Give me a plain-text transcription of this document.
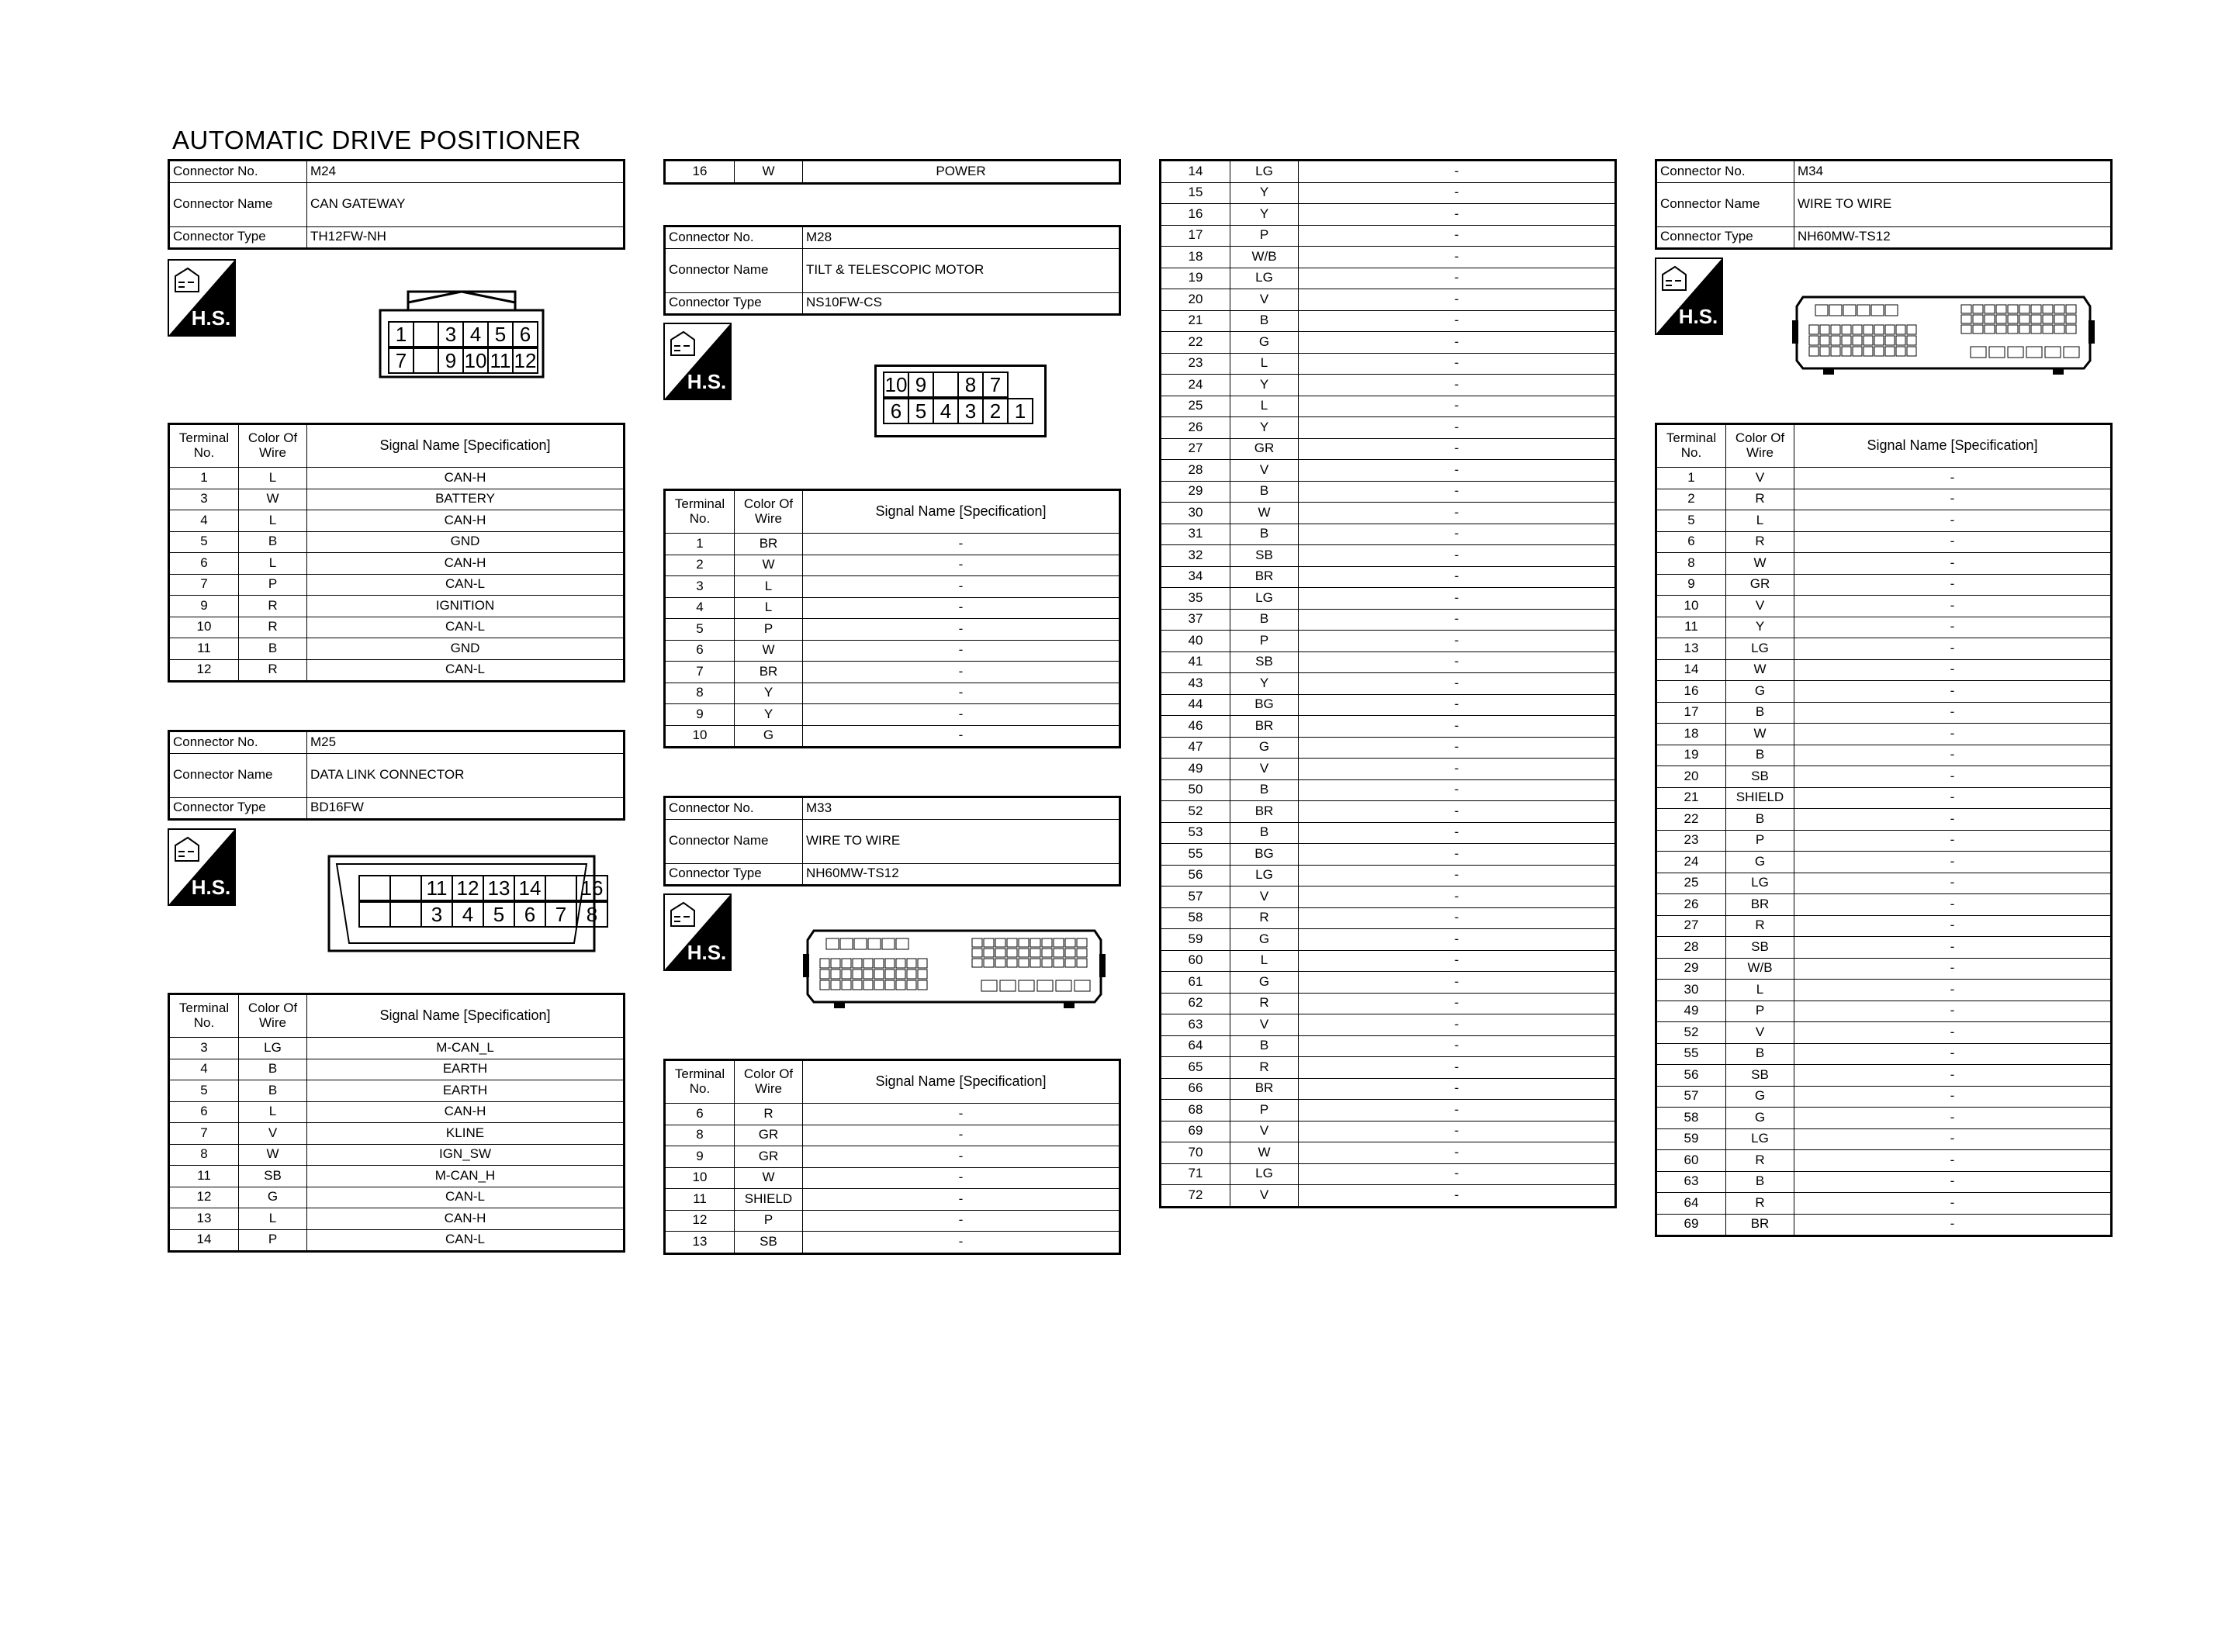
AUTOMATIC DRIVE POSITIONER
Connector No.	M24
Connector Name	CAN GATEWAY
Connector Type	TH12FW-NH
H.S.
1 3 4 5 6
7 9 10 11 12
Terminal No.	Color Of Wire	Signal Name [Specification]

1	L	CAN-H
3	W	BATTERY
4	L	CAN-H
5	B	GND
6	L	CAN-H
7	P	CAN-L
9	R	IGNITION
10	R	CAN-L
11	B	GND
12	R	CAN-L
Connector No.	M25
Connector Name	DATA LINK CONNECTOR
Connector Type	BD16FW
H.S.	11 12 13 14 16
3 4 5 6 7 8
Terminal No.	Color Of Wire	Signal Name [Specification]

3	LG	M-CAN_L
4	B	EARTH
5	B	EARTH
6	L	CAN-H
7	V	KLINE
8	W	IGN_SW
11	SB	M-CAN_H
12	G	CAN-L
13	L	CAN-H
14	P	CAN-L
16	W	POWER
Connector No.	M28
Connector Name	TILT & TELESCOPIC MOTOR
Connector Type	NS10FW-CS
H.S.	10 9 8 7
6 5 4 3 2 1
Terminal No.	Color Of Wire	Signal Name [Specification]

1	BR	-
2	W	-
3	L	-
4	L	-
5	P	-
6	W	-
7	BR	-
8	Y	-
9	Y	-
10	G	-
Connector No.	M33
Connector Name	WIRE TO WIRE
Connector Type	NH60MW-TS12
H.S.
Terminal No.	Color Of Wire	Signal Name [Specification]

6	R	-
8	GR	-
9	GR	-
10	W	-
11	SHIELD	-
12	P	-
13	SB	-
14	LG	-
15	Y	-
16	Y	-
17	P	-
18	W/B	-
19	LG	-
20	V	-
21	B	-
22	G	-
23	L	-
24	Y	-
25	L	-
26	Y	-
27	GR	-
28	V	-
29	B	-
30	W	-
31	B	-
32	SB	-
34	BR	-
35	LG	-
37	B	-
40	P	-
41	SB	-
43	Y	-
44	BG	-
46	BR	-
47	G	-
49	V	-
50	B	-
52	BR	-
53	B	-
55	BG	-
56	LG	-
57	V	-
58	R	-
59	G	-
60	L	-
61	G	-
62	R	-
63	V	-
64	B	-
65	R	-
66	BR	-
68	P	-
69	V	-
70	W	-
71	LG	-
72	V	-
Connector No.	M34
Connector Name	WIRE TO WIRE
Connector Type	NH60MW-TS12
H.S.
Terminal No.	Color Of Wire	Signal Name [Specification]

1	V	-
2	R	-
5	L	-
6	R	-
8	W	-
9	GR	-
10	V	-
11	Y	-
13	LG	-
14	W	-
16	G	-
17	B	-
18	W	-
19	B	-
20	SB	-
21	SHIELD	-
22	B	-
23	P	-
24	G	-
25	LG	-
26	BR	-
27	R	-
28	SB	-
29	W/B	-
30	L	-
49	P	-
52	V	-
55	B	-
56	SB	-
57	G	-
58	G	-
59	LG	-
60	R	-
63	B	-
64	R	-
69	BR	-
